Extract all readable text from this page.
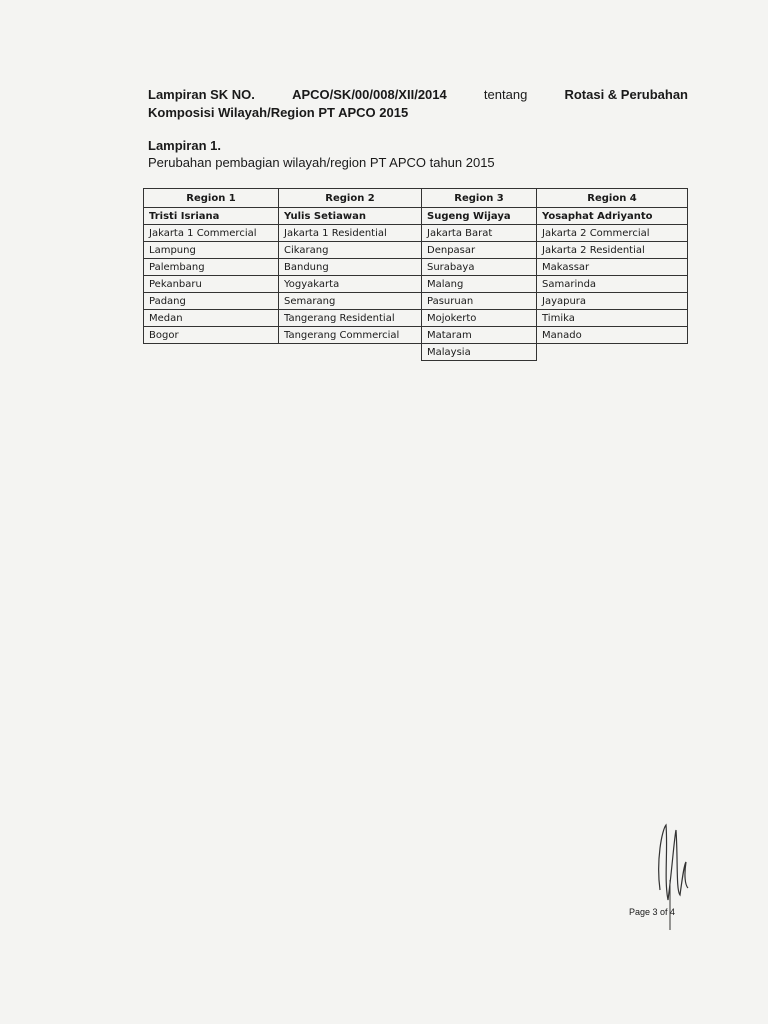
Lampiran SK NO.	APCO/SK/00/008/XII/2014	tentang	Rotasi & Perubahan
Komposisi Wilayah/Region PT APCO 2015
Lampiran 1.
Perubahan pembagian wilayah/region PT APCO tahun 2015
Region 1	Region 2	Region 3	Region 4
Tristi Isriana	Yulis Setiawan	Sugeng Wijaya	Yosaphat Adriyanto
Jakarta 1 Commercial	Jakarta 1 Residential	Jakarta Barat	Jakarta 2 Commercial
Lampung	Cikarang	Denpasar	Jakarta 2 Residential
Palembang	Bandung	Surabaya	Makassar
Pekanbaru	Yogyakarta	Malang	Samarinda
Padang	Semarang	Pasuruan	Jayapura
Medan	Tangerang Residential	Mojokerto	Timika
Bogor	Tangerang Commercial	Mataram	Manado
		Malaysia	
Page 3 of 4
